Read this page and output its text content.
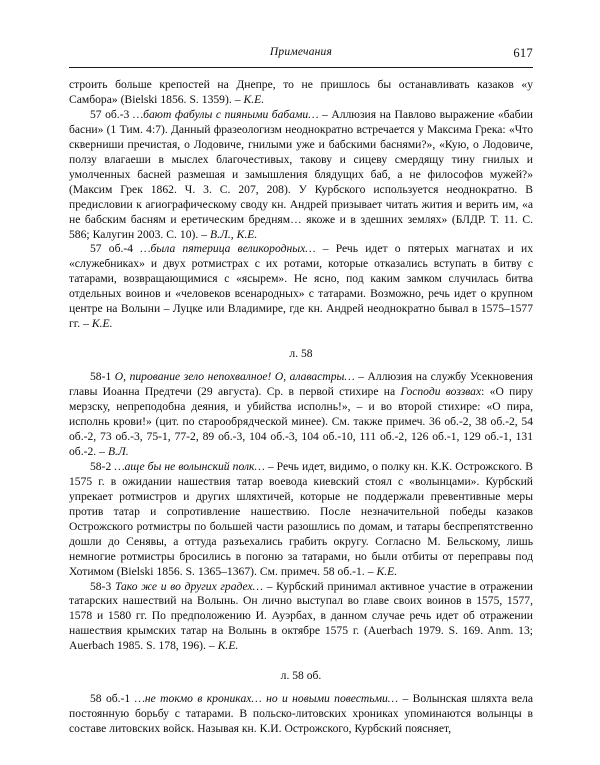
Примечания	617

строить больше крепостей на Днепре, то не пришлось бы останавливать казаков «у Самбора» (Bielski 1856. S. 1359). – К.Е.

57 об.-3 …бают фабулы с пияными бабами… – Аллюзия на Павлово выражение «бабии басни» (1 Тим. 4:7). Данный фразеологизм неоднократно встречается у Максима Грека: «Что скверниши пречистая, о Лодовиче, гнилыми уже и бабскими баснями?», «Кую, о Лодовиче, ползу влагаеши в мыслех благочестивых, такову и сицеву смердящу тину гнилых и умолченных басней размешая и замышления блядущих баб, а не философов мужей?» (Максим Грек 1862. Ч. 3. С. 207, 208). У Курбского используется неоднократно. В предисловии к агиографическому своду кн. Андрей призывает читать жития и верить им, «а не бабским басням и еретическим бредням… якоже и в здешних землях» (БЛДР. Т. 11. С. 586; Калугин 2003. С. 10). – В.Л., К.Е.

57 об.-4 …была пятерица великородных… – Речь идет о пятерых магнатах и их «служебниках» и двух ротмистрах с их ротами, которые отказались вступать в битву с татарами, возвращающимися с «ясырем». Не ясно, под каким замком случилась битва отдельных воинов и «человеков всенародных» с татарами. Возможно, речь идет о крупном центре на Волыни – Луцке или Владимире, где кн. Андрей неоднократно бывал в 1575–1577 гг. – К.Е.

л. 58

58-1 О, пирование зело непохвалное! О, алавастры… – Аллюзия на службу Усекновения главы Иоанна Предтечи (29 августа). Ср. в первой стихире на Господи воззвах: «О пиру мерзску, непреподобна деяния, и убийства исполнь!», – и во второй стихире: «О пира, исполнь крови!» (цит. по старообрядческой минее). См. также примеч. 36 об.-2, 38 об.-2, 54 об.-2, 73 об.-3, 75-1, 77-2, 89 об.-3, 104 об.-3, 104 об.-10, 111 об.-2, 126 об.-1, 129 об.-1, 131 об.-2. – В.Л.

58-2 …аще бы не волынский полк… – Речь идет, видимо, о полку кн. К.К. Острожского. В 1575 г. в ожидании нашествия татар воевода киевский стоял с «волынцами». Курбский упрекает ротмистров и других шляхтичей, которые не поддержали превентивные меры против татар и сопротивление нашествию. После незначительной победы казаков Острожского ротмистры по большей части разошлись по домам, и татары беспрепятственно дошли до Сенявы, а оттуда разъехались грабить округу. Согласно М. Бельскому, лишь немногие ротмистры бросились в погоню за татарами, но были отбиты от переправы под Хотимом (Bielski 1856. S. 1365–1367). См. примеч. 58 об.-1. – К.Е.

58-3 Тако же и во других градех… – Курбский принимал активное участие в отражении татарских нашествий на Волынь. Он лично выступал во главе своих воинов в 1575, 1577, 1578 и 1580 гг. По предположению И. Ауэрбах, в данном случае речь идет об отражении нашествия крымских татар на Волынь в октябре 1575 г. (Auerbach 1979. S. 169. Anm. 13; Auerbach 1985. S. 178, 196). – К.Е.

л. 58 об.

58 об.-1 …не токмо в крониках… но и новыми повестьми… – Волынская шляхта вела постоянную борьбу с татарами. В польско-литовских хрониках упоминаются волынцы в составе литовских войск. Называя кн. К.И. Острожского, Курбский поясняет,
